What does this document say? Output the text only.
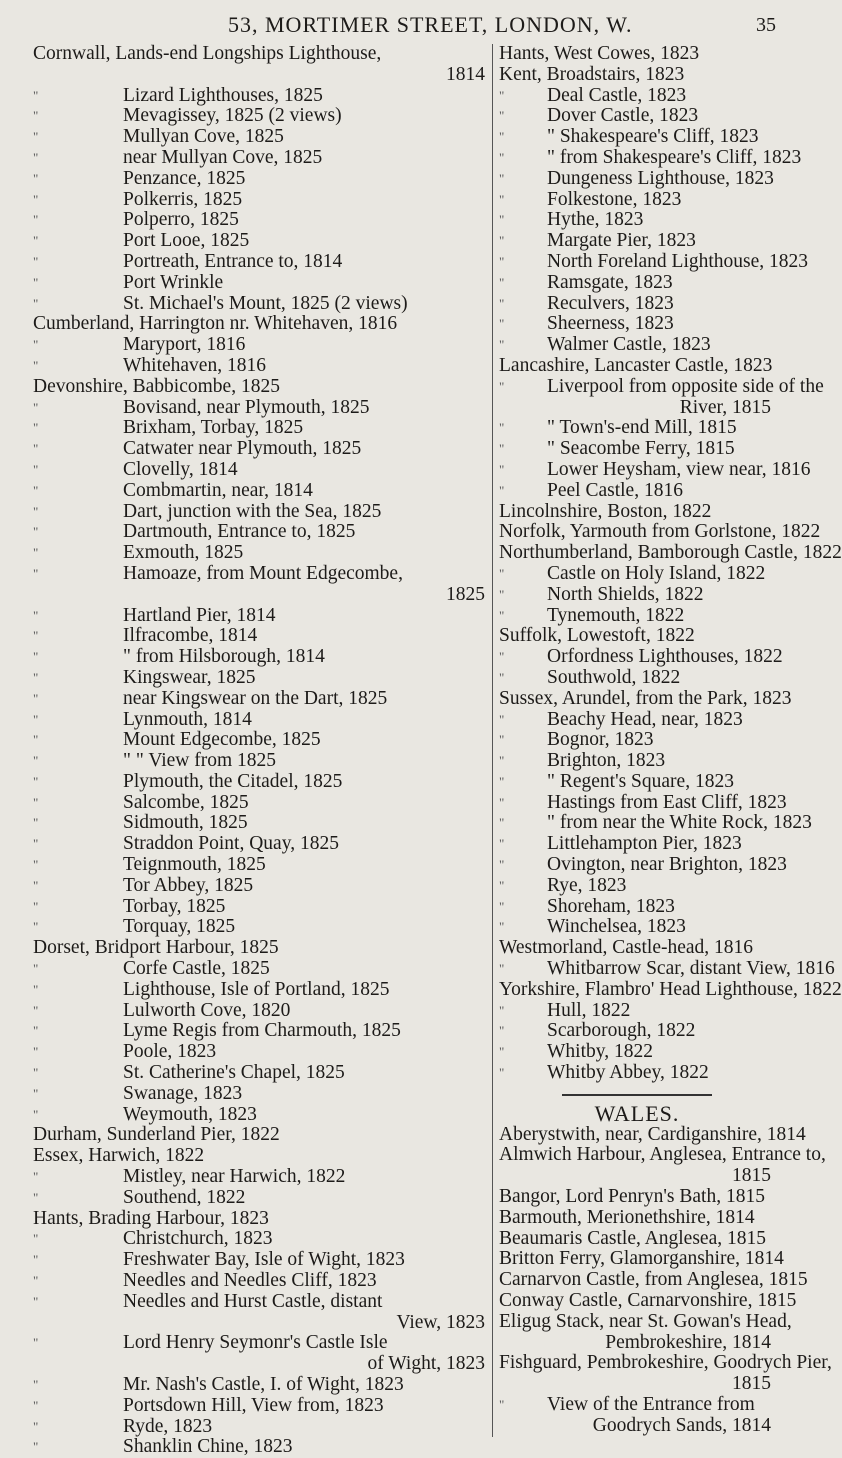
53, MORTIMER STREET, LONDON, W.	35
Cornwall, Lands-end Longships Lighthouse,
1814
"	Lizard Lighthouses, 1825
"	Mevagissey, 1825 (2 views)
"	Mullyan Cove, 1825
"	near Mullyan Cove, 1825
"	Penzance, 1825
"	Polkerris, 1825
"	Polperro, 1825
"	Port Looe, 1825
"	Portreath, Entrance to, 1814
"	Port Wrinkle
"	St. Michael's Mount, 1825 (2 views)
Cumberland, Harrington nr. Whitehaven, 1816
"	Maryport, 1816
"	Whitehaven, 1816
Devonshire, Babbicombe, 1825
"	Bovisand, near Plymouth, 1825
"	Brixham, Torbay, 1825
"	Catwater near Plymouth, 1825
"	Clovelly, 1814
"	Combmartin, near, 1814
"	Dart, junction with the Sea, 1825
"	Dartmouth, Entrance to, 1825
"	Exmouth, 1825
"	Hamoaze, from Mount Edgecombe,
1825
"	Hartland Pier, 1814
"	Ilfracombe, 1814
"	" from Hilsborough, 1814
"	Kingswear, 1825
"	near Kingswear on the Dart, 1825
"	Lynmouth, 1814
"	Mount Edgecombe, 1825
"	" " View from 1825
"	Plymouth, the Citadel, 1825
"	Salcombe, 1825
"	Sidmouth, 1825
"	Straddon Point, Quay, 1825
"	Teignmouth, 1825
"	Tor Abbey, 1825
"	Torbay, 1825
"	Torquay, 1825
Dorset, Bridport Harbour, 1825
"	Corfe Castle, 1825
"	Lighthouse, Isle of Portland, 1825
"	Lulworth Cove, 1820
"	Lyme Regis from Charmouth, 1825
"	Poole, 1823
"	St. Catherine's Chapel, 1825
"	Swanage, 1823
"	Weymouth, 1823
Durham, Sunderland Pier, 1822
Essex, Harwich, 1822
"	Mistley, near Harwich, 1822
"	Southend, 1822
Hants, Brading Harbour, 1823
"	Christchurch, 1823
"	Freshwater Bay, Isle of Wight, 1823
"	Needles and Needles Cliff, 1823
"	Needles and Hurst Castle, distant
View, 1823
"	Lord Henry Seymonr's Castle Isle
of Wight, 1823
"	Mr. Nash's Castle, I. of Wight, 1823
"	Portsdown Hill, View from, 1823
"	Ryde, 1823
"	Shanklin Chine, 1823
Hants, West Cowes, 1823
Kent, Broadstairs, 1823
"	Deal Castle, 1823
"	Dover Castle, 1823
"	" Shakespeare's Cliff, 1823
"	" from Shakespeare's Cliff, 1823
"	Dungeness Lighthouse, 1823
"	Folkestone, 1823
"	Hythe, 1823
"	Margate Pier, 1823
"	North Foreland Lighthouse, 1823
"	Ramsgate, 1823
"	Reculvers, 1823
"	Sheerness, 1823
"	Walmer Castle, 1823
Lancashire, Lancaster Castle, 1823
"	Liverpool from opposite side of the
River, 1815
"	" Town's-end Mill, 1815
"	" Seacombe Ferry, 1815
"	Lower Heysham, view near, 1816
"	Peel Castle, 1816
Lincolnshire, Boston, 1822
Norfolk, Yarmouth from Gorlstone, 1822
Northumberland, Bamborough Castle, 1822
"	Castle on Holy Island, 1822
"	North Shields, 1822
"	Tynemouth, 1822
Suffolk, Lowestoft, 1822
"	Orfordness Lighthouses, 1822
"	Southwold, 1822
Sussex, Arundel, from the Park, 1823
"	Beachy Head, near, 1823
"	Bognor, 1823
"	Brighton, 1823
"	" Regent's Square, 1823
"	Hastings from East Cliff, 1823
"	" from near the White Rock, 1823
"	Littlehampton Pier, 1823
"	Ovington, near Brighton, 1823
"	Rye, 1823
"	Shoreham, 1823
"	Winchelsea, 1823
Westmorland, Castle-head, 1816
"	Whitbarrow Scar, distant View, 1816
Yorkshire, Flambro' Head Lighthouse, 1822
"	Hull, 1822
"	Scarborough, 1822
"	Whitby, 1822
"	Whitby Abbey, 1822
WALES.
Aberystwith, near, Cardiganshire, 1814
Almwich Harbour, Anglesea, Entrance to,
1815
Bangor, Lord Penryn's Bath, 1815
Barmouth, Merionethshire, 1814
Beaumaris Castle, Anglesea, 1815
Britton Ferry, Glamorganshire, 1814
Carnarvon Castle, from Anglesea, 1815
Conway Castle, Carnarvonshire, 1815
Eligug Stack, near St. Gowan's Head,
Pembrokeshire, 1814
Fishguard, Pembrokeshire, Goodrych Pier,
1815
"	View of the Entrance from
Goodrych Sands, 1814
